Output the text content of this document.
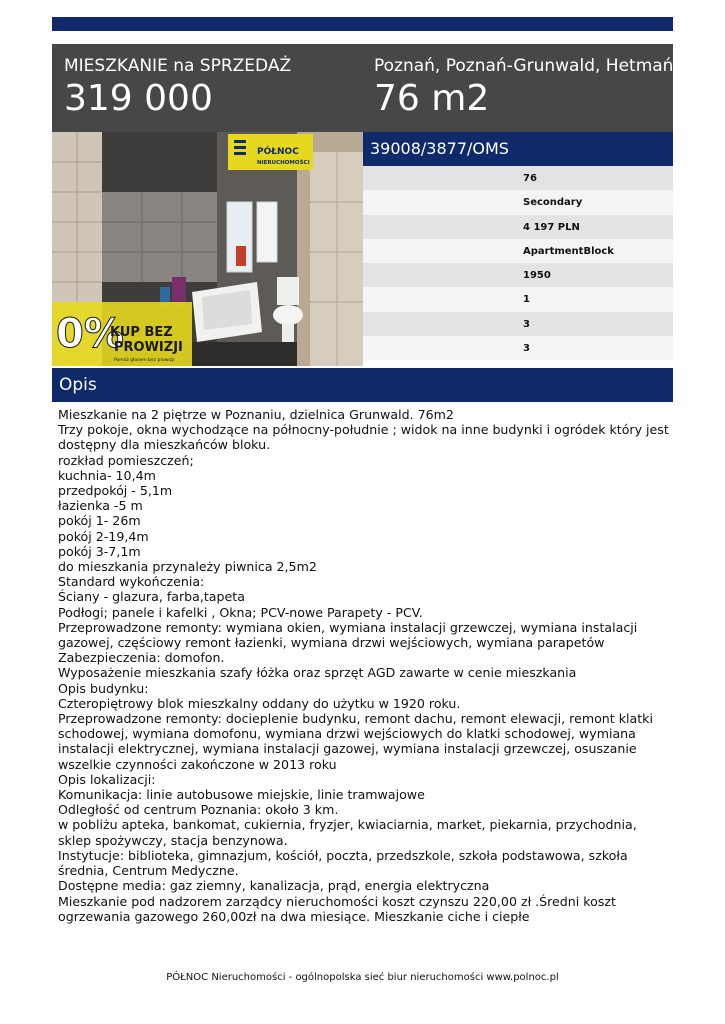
MIESZKANIE na SPRZEDAŻ
319 000
Poznań, Poznań-Grunwald, Hetmańska
76 m2
PÓŁNOC
NIERUCHOMOŚCI
0%
KUP BEZ
PROWIZJI
Pomóż głosem bez prowizji
39008/3877/OMS
76
Secondary
4 197 PLN
ApartmentBlock
1950
1
3
3
Opis
Mieszkanie na 2 piętrze w Poznaniu, dzielnica Grunwald. 76m2
Trzy pokoje, okna wychodzące na północny-południe ; widok na inne budynki i ogródek który jest dostępny dla mieszkańców bloku.
rozkład pomieszczeń;
kuchnia- 10,4m
przedpokój - 5,1m
łazienka -5 m
pokój 1- 26m
pokój 2-19,4m
pokój 3-7,1m
do mieszkania przynależy piwnica 2,5m2
Standard wykończenia:
Ściany - glazura, farba,tapeta
Podłogi; panele i kafelki , Okna; PCV-nowe Parapety - PCV.
Przeprowadzone remonty: wymiana okien, wymiana instalacji grzewczej, wymiana instalacji gazowej, częściowy remont łazienki, wymiana drzwi wejściowych, wymiana parapetów
Zabezpieczenia: domofon.
Wyposażenie mieszkania szafy łóżka oraz sprzęt AGD zawarte w cenie mieszkania
Opis budynku:
Czteropiętrowy blok mieszkalny oddany do użytku w 1920 roku.
Przeprowadzone remonty: docieplenie budynku, remont dachu, remont elewacji, remont klatki schodowej, wymiana domofonu, wymiana drzwi wejściowych do klatki schodowej, wymiana instalacji elektrycznej, wymiana instalacji gazowej, wymiana instalacji grzewczej, osuszanie wszelkie czynności zakończone w 2013 roku
Opis lokalizacji:
Komunikacja: linie autobusowe miejskie, linie tramwajowe
Odległość od centrum Poznania: około 3 km.
w pobliżu apteka, bankomat, cukiernia, fryzjer, kwiaciarnia, market, piekarnia, przychodnia, sklep spożywczy, stacja benzynowa.
Instytucje: biblioteka, gimnazjum, kościół, poczta, przedszkole, szkoła podstawowa, szkoła średnia, Centrum Medyczne.
Dostępne media: gaz ziemny, kanalizacja, prąd, energia elektryczna
Mieszkanie pod nadzorem zarządcy nieruchomości koszt czynszu 220,00 zł .Średni koszt ogrzewania gazowego 260,00zł na dwa miesiące. Mieszkanie ciche i ciepłe
PÓŁNOC Nieruchomości - ogólnopolska sieć biur nieruchomości www.polnoc.pl
